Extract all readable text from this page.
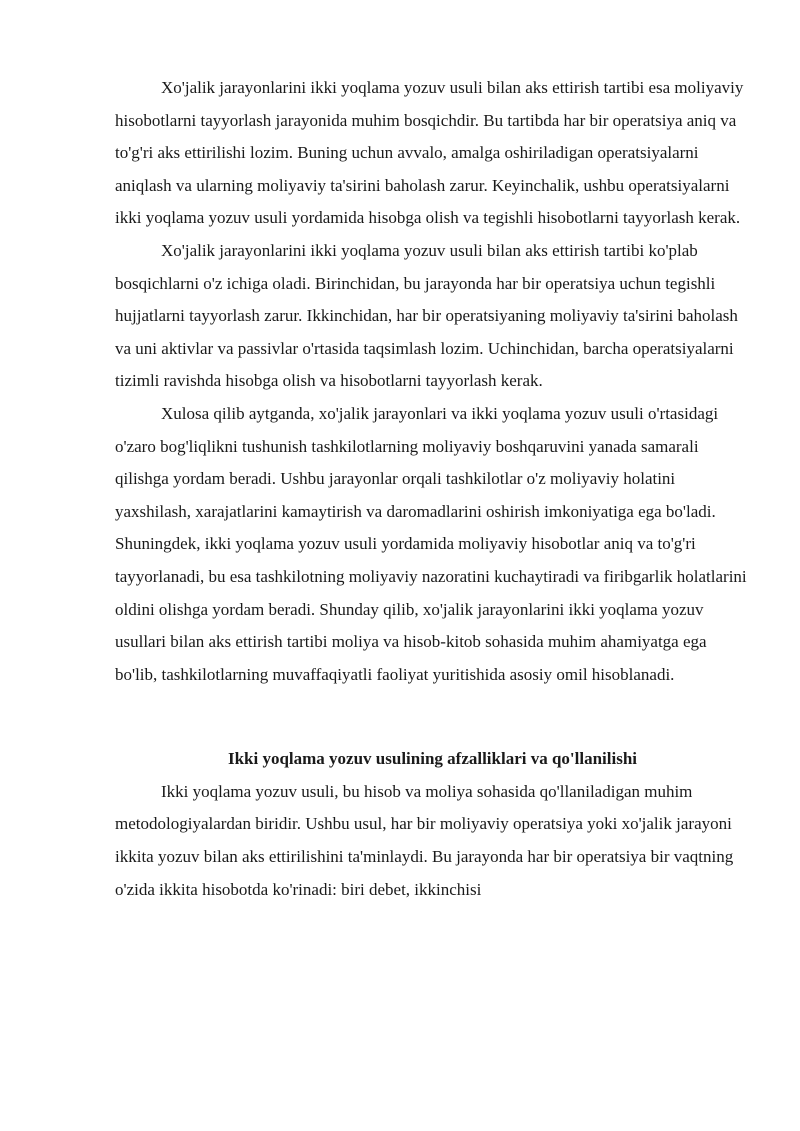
Xo'jalik jarayonlarini ikki yoqlama yozuv usuli bilan aks ettirish tartibi esa moliyaviy hisobotlarni tayyorlash jarayonida muhim bosqichdir. Bu tartibda har bir operatsiya aniq va to'g'ri aks ettirilishi lozim. Buning uchun avvalo, amalga oshiriladigan operatsiyalarni aniqlash va ularning moliyaviy ta'sirini baholash zarur. Keyinchalik, ushbu operatsiyalarni ikki yoqlama yozuv usuli yordamida hisobga olish va tegishli hisobotlarni tayyorlash kerak.

Xo'jalik jarayonlarini ikki yoqlama yozuv usuli bilan aks ettirish tartibi ko'plab bosqichlarni o'z ichiga oladi. Birinchidan, bu jarayonda har bir operatsiya uchun tegishli hujjatlarni tayyorlash zarur. Ikkinchidan, har bir operatsiyaning moliyaviy ta'sirini baholash va uni aktivlar va passivlar o'rtasida taqsimlash lozim. Uchinchidan, barcha operatsiyalarni tizimli ravishda hisobga olish va hisobotlarni tayyorlash kerak.

Xulosa qilib aytganda, xo'jalik jarayonlari va ikki yoqlama yozuv usuli o'rtasidagi o'zaro bog'liqlikni tushunish tashkilotlarning moliyaviy boshqaruvini yanada samarali qilishga yordam beradi. Ushbu jarayonlar orqali tashkilotlar o'z moliyaviy holatini yaxshilash, xarajatlarini kamaytirish va daromadlarini oshirish imkoniyatiga ega bo'ladi. Shuningdek, ikki yoqlama yozuv usuli yordamida moliyaviy hisobotlar aniq va to'g'ri tayyorlanadi, bu esa tashkilotning moliyaviy nazoratini kuchaytiradi va firibgarlik holatlarini oldini olishga yordam beradi. Shunday qilib, xo'jalik jarayonlarini ikki yoqlama yozuv usullari bilan aks ettirish tartibi moliya va hisob-kitob sohasida muhim ahamiyatga ega bo'lib, tashkilotlarning muvaffaqiyatli faoliyat yuritishida asosiy omil hisoblanadi.

Ikki yoqlama yozuv usulining afzalliklari va qo'llanilishi

Ikki yoqlama yozuv usuli, bu hisob va moliya sohasida qo'llaniladigan muhim metodologiyalardan biridir. Ushbu usul, har bir moliyaviy operatsiya yoki xo'jalik jarayoni ikkita yozuv bilan aks ettirilishini ta'minlaydi. Bu jarayonda har bir operatsiya bir vaqtning o'zida ikkita hisobotda ko'rinadi: biri debet, ikkinchisi
